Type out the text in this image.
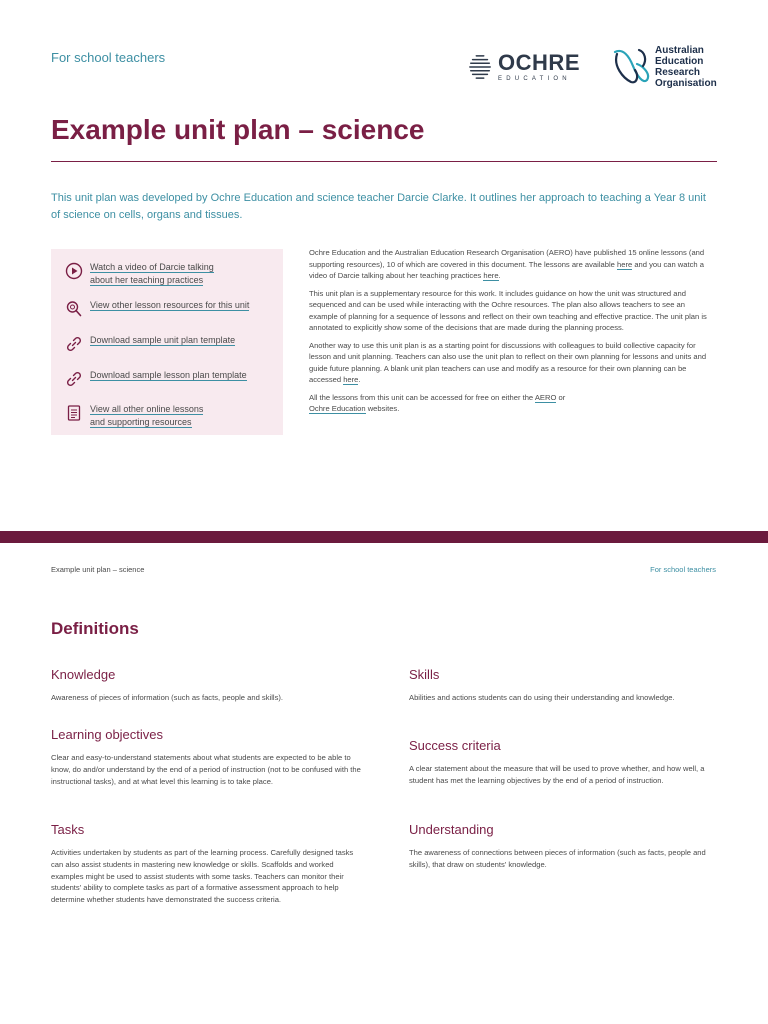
For school teachers	OCHRE
EDUCATION
Australian
Education
Research
Organisation
Example unit plan – science

This unit plan was developed by Ochre Education and science teacher Darcie Clarke. It outlines her approach to teaching a Year 8 unit of science on cells, organs and tissues.

Watch a video of Darcie talking
about her teaching practices
View other lesson resources for this unit
Download sample unit plan template
Download sample lesson plan template
View all other online lessons
and supporting resources

Ochre Education and the Australian Education Research Organisation (AERO) have published 15 online lessons (and supporting resources), 10 of which are covered in this document. The lessons are available here and you can watch a video of Darcie talking about her teaching practices here.

This unit plan is a supplementary resource for this work. It includes guidance on how the unit was structured and sequenced and can be used while interacting with the Ochre resources. The plan also allows teachers to see an example of planning for a sequence of lessons and reflect on their own teaching and effective practice. The unit plan is annotated to explicitly show some of the decisions that are made during the planning process.

Another way to use this unit plan is as a starting point for discussions with colleagues to build collective capacity for lesson and unit planning. Teachers can also use the unit plan to reflect on their own planning for lessons and units and guide future planning. A blank unit plan teachers can use and modify as a resource for their own planning can be accessed here.

All the lessons from this unit can be accessed for free on either the AERO or
Ochre Education websites.

Example unit plan – science	For school teachers
Definitions
Knowledge

Awareness of pieces of information (such as facts, people and skills).

Skills

Abilities and actions students can do using their understanding and knowledge.

Learning objectives

Clear and easy-to-understand statements about what students are expected to be able to know, do and/or understand by the end of a period of instruction (not to be confused with the instructional tasks), and at what level this learning is to take place.

Success criteria

A clear statement about the measure that will be used to prove whether, and how well, a student has met the learning objectives by the end of a period of instruction.

Tasks

Activities undertaken by students as part of the learning process. Carefully designed tasks can also assist students in mastering new knowledge or skills. Scaffolds and worked examples might be used to assist students with some tasks. Teachers can monitor their students' ability to complete tasks as part of a formative assessment approach to help determine whether students have demonstrated the success criteria.

Understanding

The awareness of connections between pieces of information (such as facts, people and skills), that draw on students' knowledge.
